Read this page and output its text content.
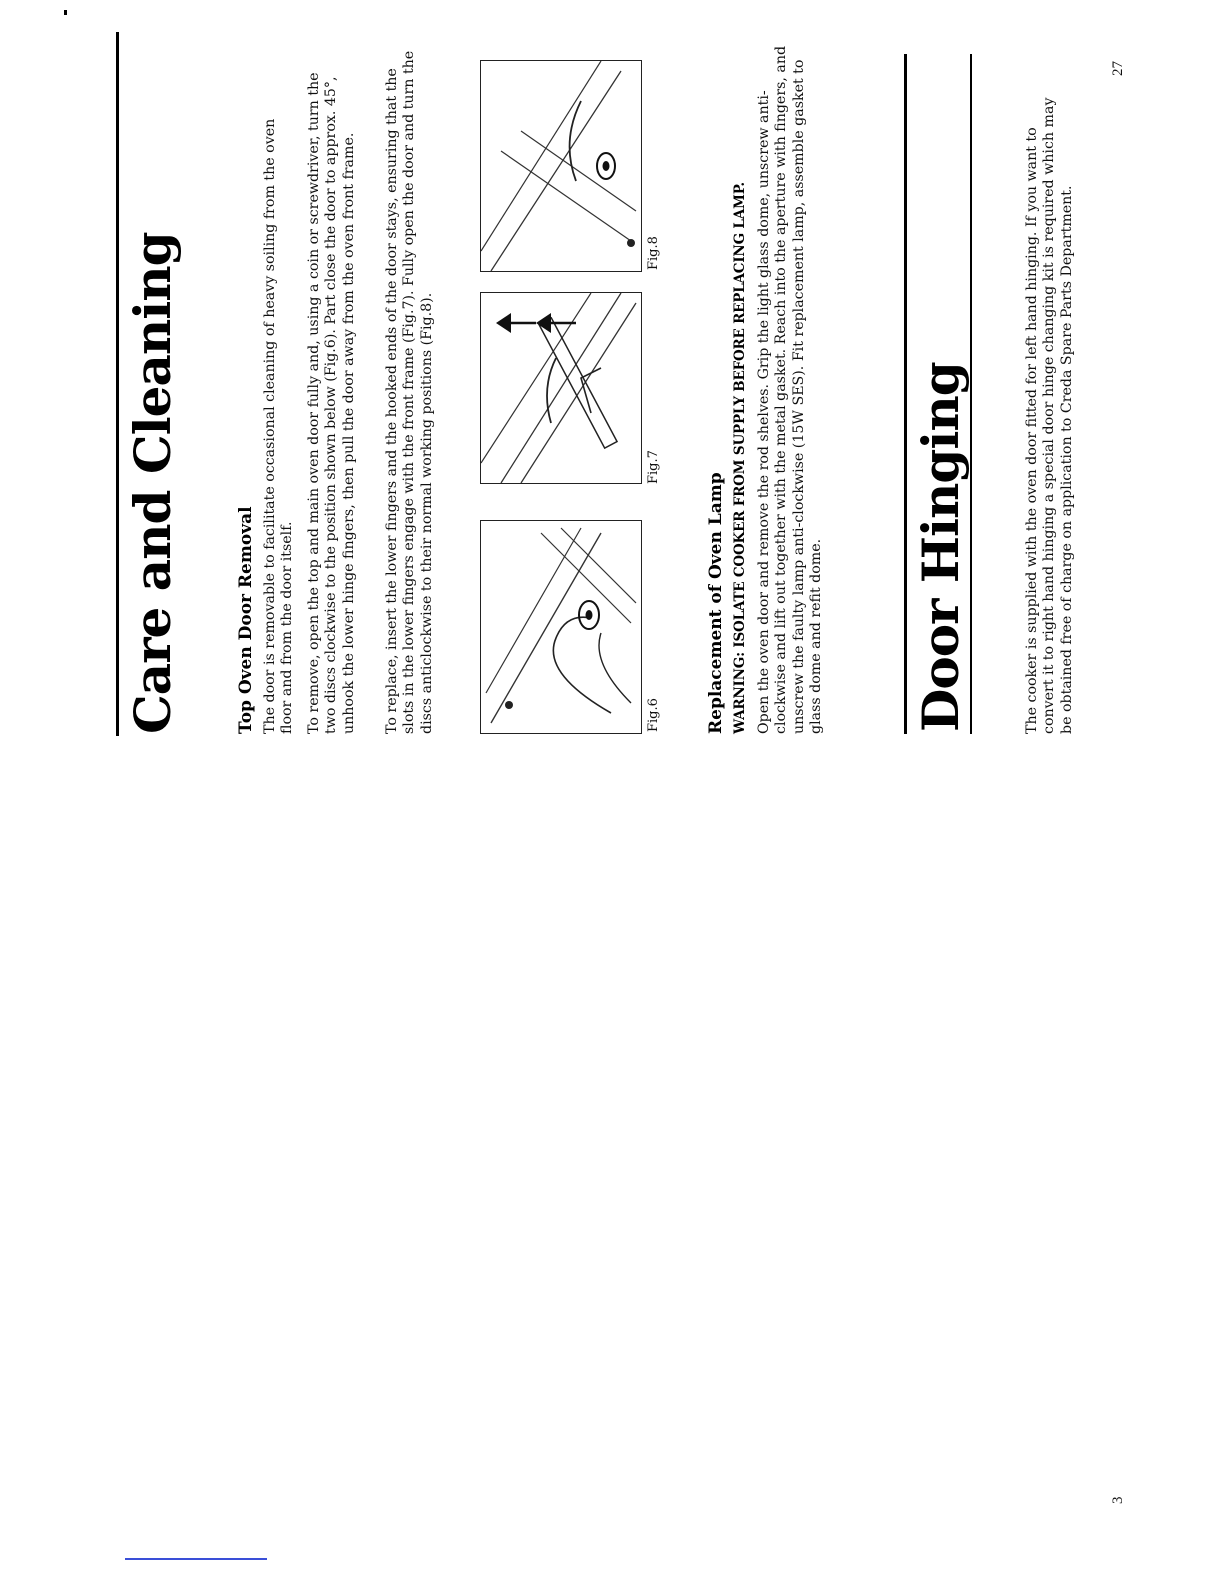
Care and Cleaning	Top Oven Door Removal The door is removable to facilitate occasional cleaning of heavy soiling from the oven floor and from the door itself. To remove, open the top and main oven door fully and, using a coin or screwdriver, turn the two discs clockwise to the position shown below (Fig.6). Part close the door to approx. 45°, unhook the lower hinge fingers, then pull the door away from the oven front frame. To replace, insert the lower fingers and the hooked ends of the door stays, ensuring that the slots in the lower fingers engage with the front frame (Fig.7). Fully open the door and turn the discs anticlockwise to their normal working positions (Fig.8).	Fig.6

Fig.7

Fig.8

Replacement of Oven Lamp WARNING: ISOLATE COOKER FROM SUPPLY BEFORE REPLACING LAMP. Open the oven door and remove the rod shelves. Grip the light glass dome, unscrew anti-clockwise and lift out together with the metal gasket. Reach into the aperture with fingers, and unscrew the faulty lamp anti-clockwise (15W SES). Fit replacement lamp, assemble gasket to glass dome and refit dome. Door Hinging	The cooker is supplied with the oven door fitted for left hand hinging. If you want to convert it to right hand hinging a special door hinge changing kit is required which may be obtained free of charge on application to Creda Spare Parts Department.

27

3
